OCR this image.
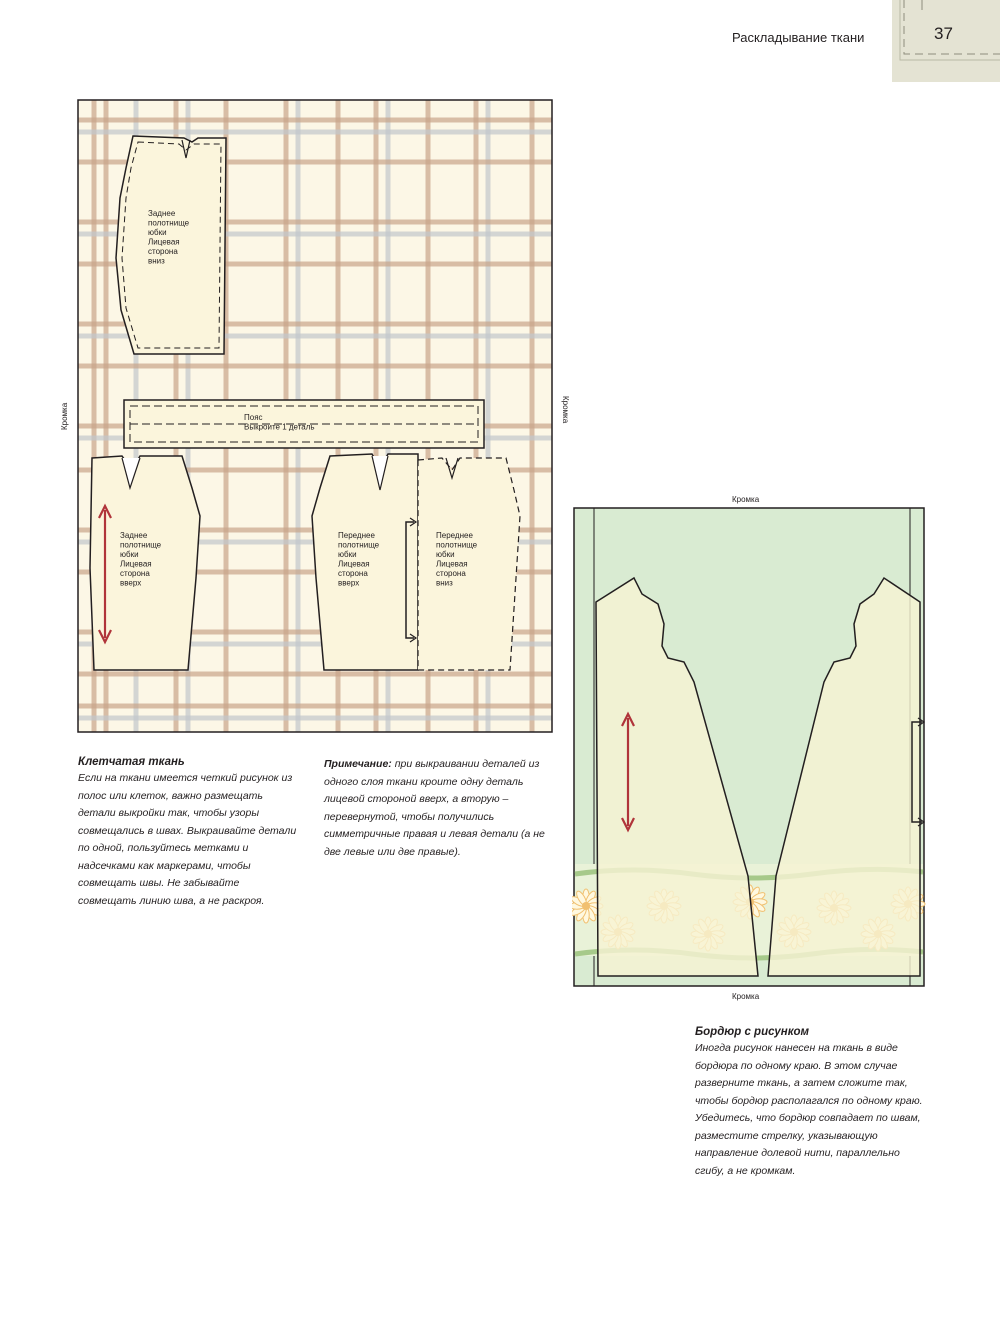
Раскладывание ткани	37
Заднее полотнище юбки Лицевая сторона вниз
Пояс Выкроите 1 деталь
Заднее полотнище юбки Лицевая сторона вверх
Переднее полотнище юбки Лицевая сторона вверх
Переднее полотнище юбки Лицевая сторона вниз
Кромка	Кромка
Кромка
Кромка
Клетчатая ткань

Если на ткани имеется четкий рисунок из полос или клеток, важно размещать детали выкройки так, чтобы узоры совмещались в швах. Выкраивайте детали по одной, пользуйтесь метками и надсечками как маркерами, чтобы совмещать швы. Не забывайте совмещать линию шва, а не раскроя.

Примечание: при выкраивании деталей из одного слоя ткани кроите одну деталь лицевой стороной вверх, а вторую – перевернутой, чтобы получились симметричные правая и левая детали (а не две левые или две правые).

Бордюр с рисунком

Иногда рисунок нанесен на ткань в виде бордюра по одному краю. В этом случае разверните ткань, а затем сложите так, чтобы бордюр располагался по одному краю. Убедитесь, что бордюр совпадает по швам, разместите стрелку, указывающую направление долевой нити, параллельно сгибу, а не кромкам.
